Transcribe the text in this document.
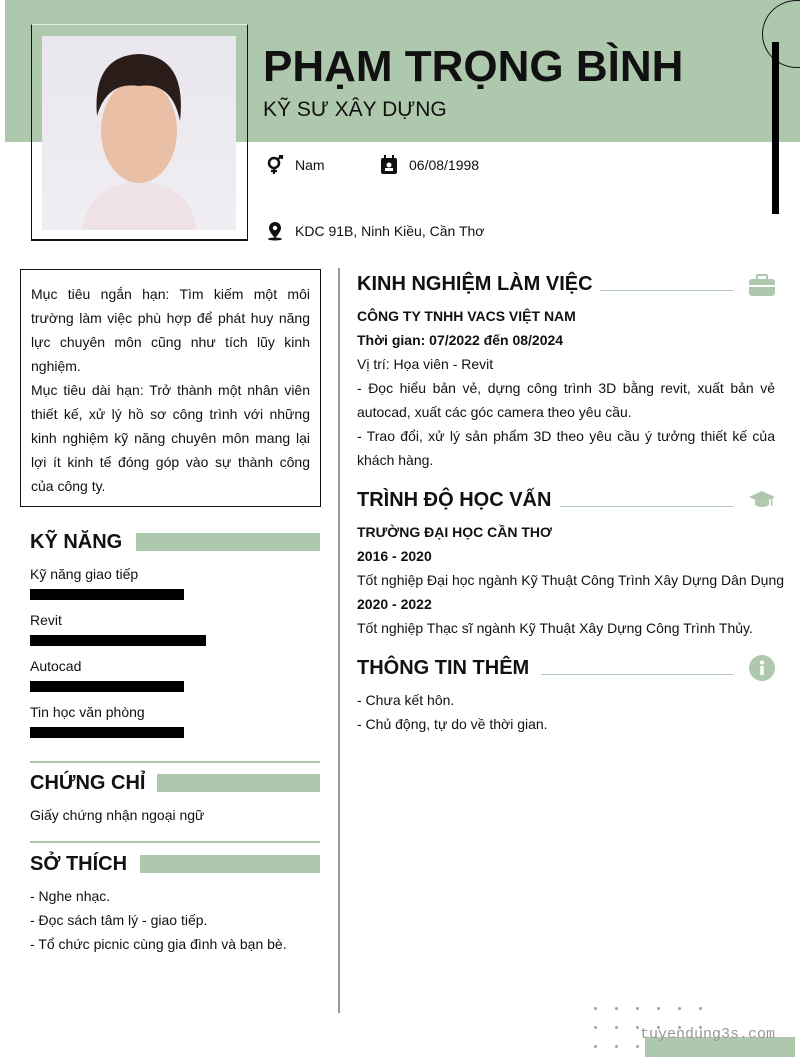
PHẠM TRỌNG BÌNH
KỸ SƯ XÂY DỰNG
Nam	06/08/1998
KDC 91B, Ninh Kiều, Cần Thơ

Mục tiêu ngắn hạn: Tìm kiếm một môi trường làm việc phù hợp để phát huy năng lực chuyên môn cũng như tích lũy kinh nghiệm.

Mục tiêu dài hạn: Trở thành một nhân viên thiết kế, xử lý hồ sơ công trình với những kinh nghiệm kỹ năng chuyên môn mang lại lợi ít kinh tế đóng góp vào sự thành công của công ty.

KỸ NĂNG
Kỹ năng giao tiếp
Revit
Autocad
Tin học văn phòng
CHỨNG CHỈ
Giấy chứng nhận ngoại ngữ
SỞ THÍCH
- Nghe nhạc.
- Đọc sách tâm lý - giao tiếp.
- Tổ chức picnic cùng gia đình và bạn bè.
KINH NGHIỆM LÀM VIỆC
CÔNG TY TNHH VACS VIỆT NAM
Thời gian: 07/2022 đến 08/2024
Vị trí: Họa viên - Revit
- Đọc hiểu bản vẻ, dựng công trình 3D bằng revit, xuất bản vẻ autocad, xuất các góc camera theo yêu cầu.
- Trao đổi, xử lý sản phẩm 3D theo yêu cầu ý tưởng thiết kế của khách hàng.
TRÌNH ĐỘ HỌC VẤN
TRƯỜNG ĐẠI HỌC CẦN THƠ
2016 - 2020
Tốt nghiệp Đại học ngành Kỹ Thuật Công Trình Xây Dựng Dân Dụng
2020 - 2022
Tốt nghiệp Thạc sĩ ngành Kỹ Thuật Xây Dựng Công Trình Thủy.
THÔNG TIN THÊM
- Chưa kết hôn.
- Chủ động, tự do về thời gian.
tuyendung3s.com
